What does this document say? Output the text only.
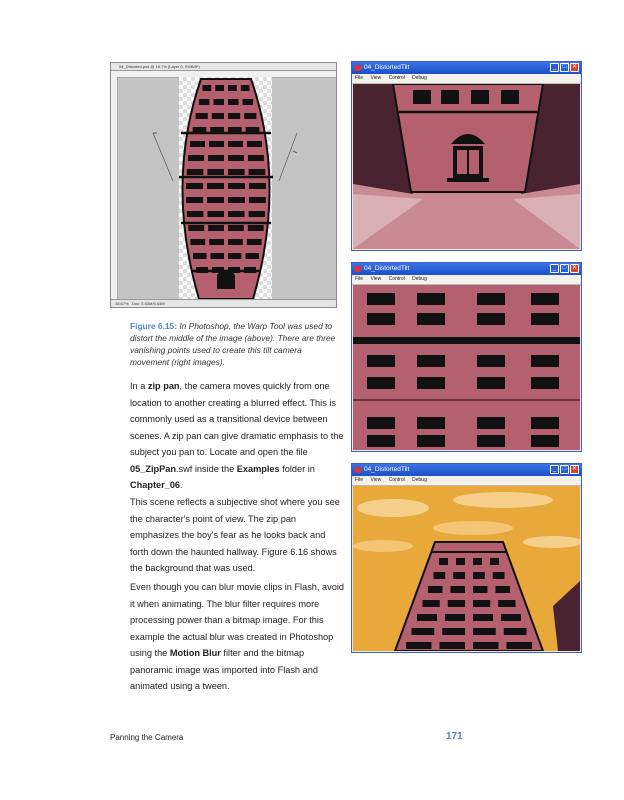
04_Distorted.psd @ 16.7% (Layer 0, RGB/8*)
16.67% Doc: 5.63M/5.63M
04_DistortedTilt	_	□ ✕
File View Control Debug
04_DistortedTilt	_	□ ✕
File View Control Debug
04_DistortedTilt	_	□ ✕
File View Control Debug
Figure 6.15: In Photoshop, the Warp Tool was used to distort the middle of the image (above). There are three vanishing points used to create this tilt camera movement (right images).
In a zip pan, the camera moves quickly from one location to another creating a blurred effect. This is commonly used as a transitional device between scenes. A zip pan can give dramatic emphasis to the subject you pan to. Locate and open the file 05_ZipPan.swf inside the Examples folder in Chapter_06.
This scene reflects a subjective shot where you see the character's point of view. The zip pan emphasizes the boy's fear as he looks back and forth down the haunted hallway. Figure 6.16 shows the background that was used.
Even though you can blur movie clips in Flash, avoid it when animating. The blur filter requires more processing power than a bitmap image. For this example the actual blur was created in Photoshop using the Motion Blur filter and the bitmap panoramic image was imported into Flash and animated using a tween.
Panning the Camera	171
